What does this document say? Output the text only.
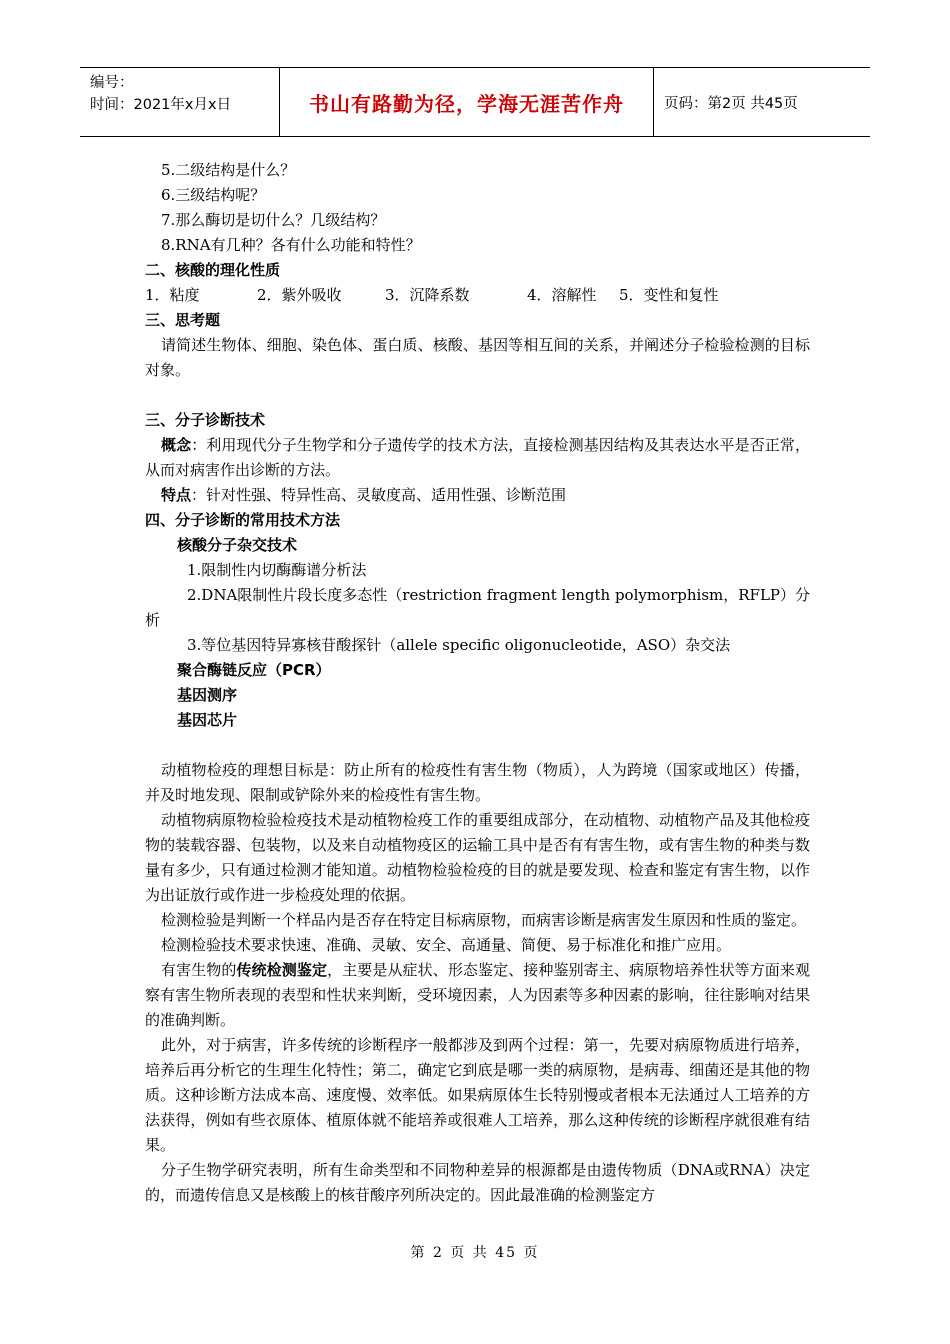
编号：
时间：2021年x月x日	书山有路勤为径，学海无涯苦作舟	页码：第2页 共45页

5.二级结构是什么？

6.三级结构呢？

7.那么酶切是切什么？几级结构？

8.RNA有几种？各有什么功能和特性？

二、核酸的理化性质

1．粘度	2．紫外吸收	3．沉降系数	4．溶解性 5．变性和复性

三、思考题

请简述生物体、细胞、染色体、蛋白质、核酸、基因等相互间的关系，并阐述分子检验检测的目标对象。

三、分子诊断技术

概念：利用现代分子生物学和分子遗传学的技术方法，直接检测基因结构及其表达水平是否正常，从而对病害作出诊断的方法。

特点：针对性强、特异性高、灵敏度高、适用性强、诊断范围

四、分子诊断的常用技术方法

核酸分子杂交技术

1.限制性内切酶酶谱分析法

2.DNA限制性片段长度多态性（restriction fragment length polymorphism，RFLP）分析

3.等位基因特异寡核苷酸探针（allele specific oligonucleotide，ASO）杂交法

聚合酶链反应（PCR）

基因测序

基因芯片

动植物检疫的理想目标是：防止所有的检疫性有害生物（物质），人为跨境（国家或地区）传播，并及时地发现、限制或铲除外来的检疫性有害生物。

动植物病原物检验检疫技术是动植物检疫工作的重要组成部分，在动植物、动植物产品及其他检疫物的装载容器、包装物，以及来自动植物疫区的运输工具中是否有有害生物，或有害生物的种类与数量有多少，只有通过检测才能知道。动植物检验检疫的目的就是要发现、检查和鉴定有害生物，以作为出证放行或作进一步检疫处理的依据。

检测检验是判断一个样品内是否存在特定目标病原物，而病害诊断是病害发生原因和性质的鉴定。

检测检验技术要求快速、准确、灵敏、安全、高通量、简便、易于标准化和推广应用。

有害生物的传统检测鉴定，主要是从症状、形态鉴定、接种鉴别寄主、病原物培养性状等方面来观察有害生物所表现的表型和性状来判断，受环境因素，人为因素等多种因素的影响，往往影响对结果的准确判断。

此外，对于病害，许多传统的诊断程序一般都涉及到两个过程：第一，先要对病原物质进行培养，培养后再分析它的生理生化特性；第二，确定它到底是哪一类的病原物，是病毒、细菌还是其他的物质。这种诊断方法成本高、速度慢、效率低。如果病原体生长特别慢或者根本无法通过人工培养的方法获得，例如有些衣原体、植原体就不能培养或很难人工培养，那么这种传统的诊断程序就很难有结果。

分子生物学研究表明，所有生命类型和不同物种差异的根源都是由遗传物质（DNA或RNA）决定的，而遗传信息又是核酸上的核苷酸序列所决定的。因此最准确的检测鉴定方

第 2 页 共 45 页
